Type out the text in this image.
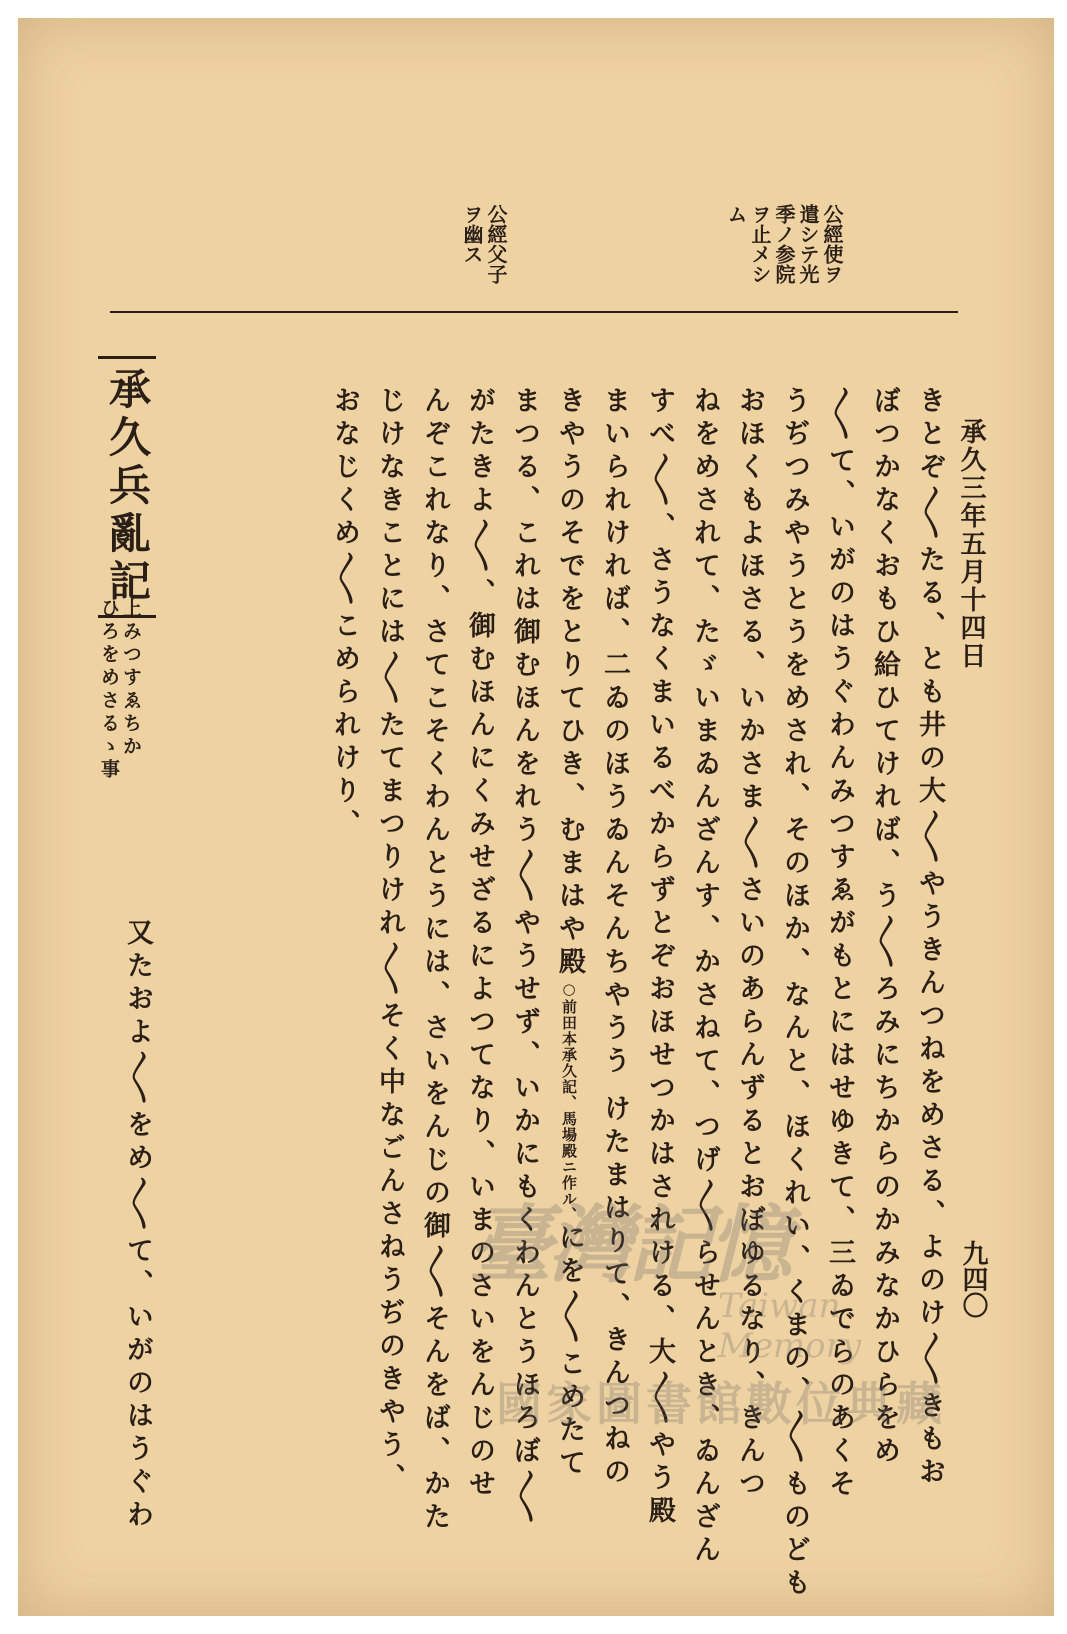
承久三年五月十四日
九四〇
公經使ヲ
遣シテ光
季ノ参院
ヲ止メシ
ム
公經父子
ヲ幽ス
きとぞ〳〵たる、とも井の大〳〵やうきんつねをめさる、よのけ〳〵きもお
ぼつかなくおもひ給ひてければ、う〳〵ろみにちからのかみなかひらをめ
〳〵て、いがのはうぐわんみつすゑがもとにはせゆきて、三ゐでらのあくそ
うぢつみやうとうをめされ、そのほか、なんと、ほくれい、くまの、〳〵ものども
おほくもよほさる、いかさま〳〵さいのあらんずるとおぼゆるなり、きんつ
ねをめされて、たゞいまゐんざんす、かさねて、つげ〳〵らせんとき、ゐんざん
すべ〳〵、さうなくまいるべからずとぞおほせつかはされける、大〳〵やう殿
まいられければ、二ゐのほうゐんそんちやうう けたまはりて、きんつねの
きやうのそでをとりてひき、むまはや殿○前田本承久記、馬場殿ニ作ル、にを〳〵こめたて
まつる、これは御むほんをれう〳〵やうせず、いかにもくわんとうほろぼ〳〵
がたきよ〳〵、御むほんにくみせざるによつてなり、いまのさいをんじのせ
んぞこれなり、さてこそくわんとうには、さいをんじの御〳〵そんをば、かた
じけなきことには〳〵たてまつりけれ〳〵そく中なごんさねうぢのきやう、
おなじくめ〳〵こめられけり、
承久兵亂記
上みつすゑちか
ひろをめさるゝ事
又たおよ〳〵をめ〳〵て、いがのはうぐわ	臺灣記憶
Taiwan Memory
國家圖書館數位典藏
